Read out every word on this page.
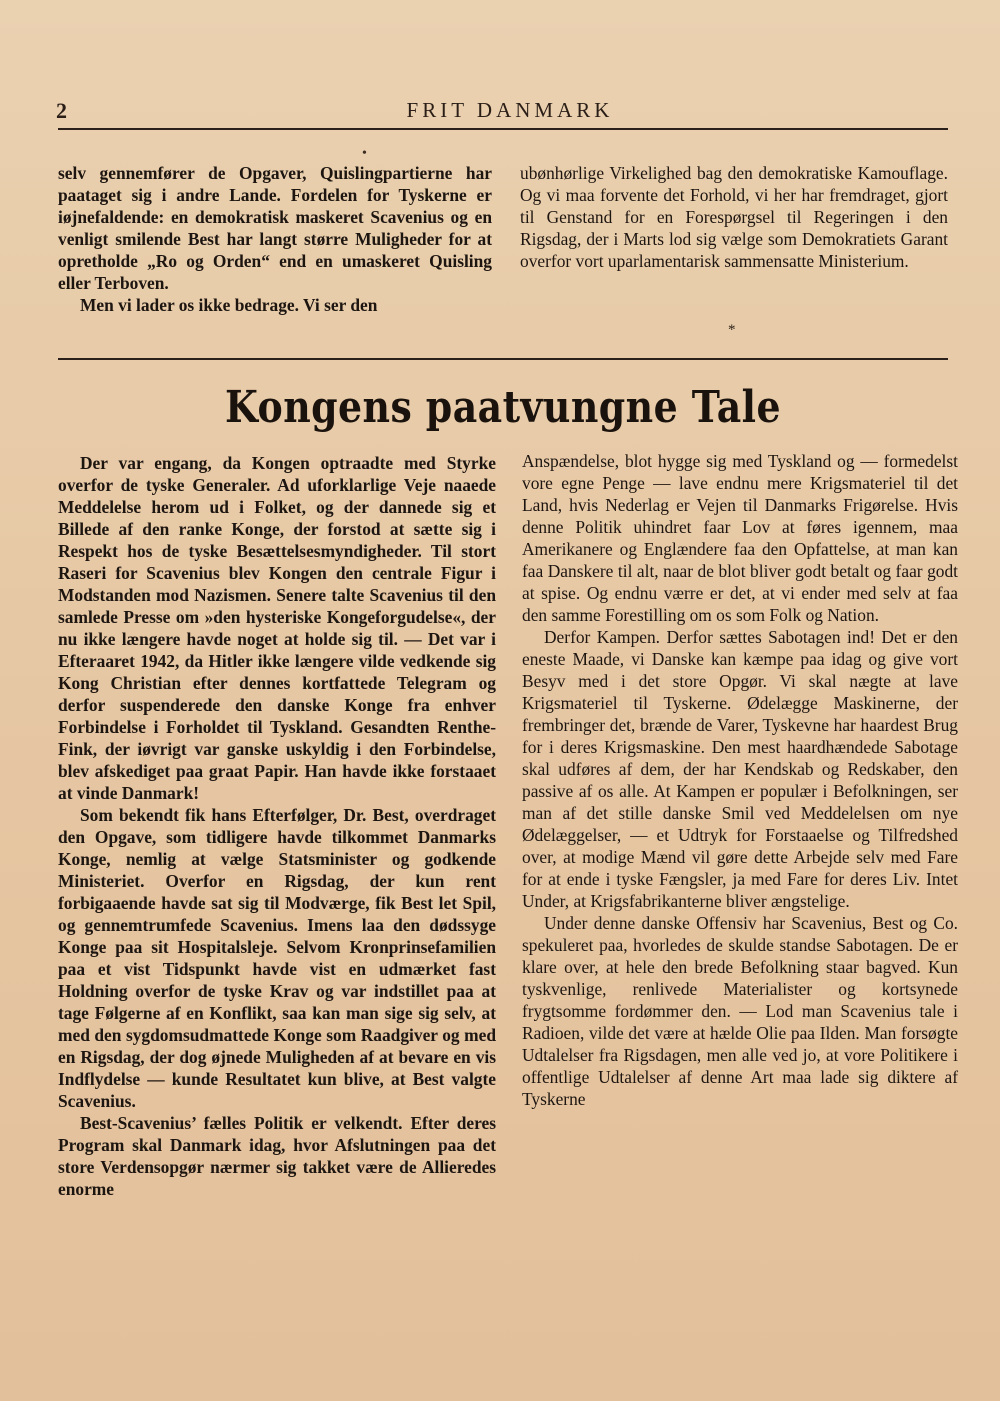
2	FRIT DANMARK
•

selv gennemfører de Opgaver, Quislingpartierne har paataget sig i andre Lande. Fordelen for Tyskerne er iøjnefaldende: en demokratisk maskeret Scavenius og en venligt smilende Best har langt større Muligheder for at opretholde „Ro og Orden“ end en umaskeret Quisling eller Terboven.

Men vi lader os ikke bedrage. Vi ser den

ubønhørlige Virkelighed bag den demokratiske Kamouflage. Og vi maa forvente det Forhold, vi her har fremdraget, gjort til Genstand for en Forespørgsel til Regeringen i den Rigsdag, der i Marts lod sig vælge som Demokratiets Garant overfor vort uparlamentarisk sammensatte Ministerium.

*
Kongens paatvungne Tale

Der var engang, da Kongen optraadte med Styrke overfor de tyske Generaler. Ad uforklarlige Veje naaede Meddelelse herom ud i Folket, og der dannede sig et Billede af den ranke Konge, der forstod at sætte sig i Respekt hos de tyske Besættelsesmyndigheder. Til stort Raseri for Scavenius blev Kongen den centrale Figur i Modstanden mod Nazismen. Senere talte Scavenius til den samlede Presse om »den hysteriske Kongeforgudelse«, der nu ikke længere havde noget at holde sig til. — Det var i Efteraaret 1942, da Hitler ikke længere vilde vedkende sig Kong Christian efter dennes kortfattede Telegram og derfor suspenderede den danske Konge fra enhver Forbindelse i Forholdet til Tyskland. Gesandten Renthe-Fink, der iøvrigt var ganske uskyldig i den Forbindelse, blev afskediget paa graat Papir. Han havde ikke forstaaet at vinde Danmark!

Som bekendt fik hans Efterfølger, Dr. Best, overdraget den Opgave, som tidligere havde tilkommet Danmarks Konge, nemlig at vælge Statsminister og godkende Ministeriet. Overfor en Rigsdag, der kun rent forbigaaende havde sat sig til Modværge, fik Best let Spil, og gennemtrumfede Scavenius. Imens laa den dødssyge Konge paa sit Hospitalsleje. Selvom Kronprinsefamilien paa et vist Tidspunkt havde vist en udmærket fast Holdning overfor de tyske Krav og var indstillet paa at tage Følgerne af en Konflikt, saa kan man sige sig selv, at med den sygdomsudmattede Konge som Raadgiver og med en Rigsdag, der dog øjnede Muligheden af at bevare en vis Indflydelse — kunde Resultatet kun blive, at Best valgte Scavenius.

Best-Scavenius’ fælles Politik er velkendt. Efter deres Program skal Danmark idag, hvor Afslutningen paa det store Verdensopgør nærmer sig takket være de Allieredes enorme

Anspændelse, blot hygge sig med Tyskland og — formedelst vore egne Penge — lave endnu mere Krigsmateriel til det Land, hvis Nederlag er Vejen til Danmarks Frigørelse. Hvis denne Politik uhindret faar Lov at føres igennem, maa Amerikanere og Englændere faa den Opfattelse, at man kan faa Danskere til alt, naar de blot bliver godt betalt og faar godt at spise. Og endnu værre er det, at vi ender med selv at faa den samme Forestilling om os som Folk og Nation.

Derfor Kampen. Derfor sættes Sabotagen ind! Det er den eneste Maade, vi Danske kan kæmpe paa idag og give vort Besyv med i det store Opgør. Vi skal nægte at lave Krigsmateriel til Tyskerne. Ødelægge Maskinerne, der frembringer det, brænde de Varer, Tyskevne har haardest Brug for i deres Krigsmaskine. Den mest haardhændede Sabotage skal udføres af dem, der har Kendskab og Redskaber, den passive af os alle. At Kampen er populær i Befolkningen, ser man af det stille danske Smil ved Meddelelsen om nye Ødelæggelser, — et Udtryk for Forstaaelse og Tilfredshed over, at modige Mænd vil gøre dette Arbejde selv med Fare for at ende i tyske Fængsler, ja med Fare for deres Liv. Intet Under, at Krigsfabrikanterne bliver ængstelige.

Under denne danske Offensiv har Scavenius, Best og Co. spekuleret paa, hvorledes de skulde standse Sabotagen. De er klare over, at hele den brede Befolkning staar bagved. Kun tyskvenlige, renlivede Materialister og kortsynede frygtsomme fordømmer den. — Lod man Scavenius tale i Radioen, vilde det være at hælde Olie paa Ilden. Man forsøgte Udtalelser fra Rigsdagen, men alle ved jo, at vore Politikere i offentlige Udtalelser af denne Art maa lade sig diktere af Tyskerne
